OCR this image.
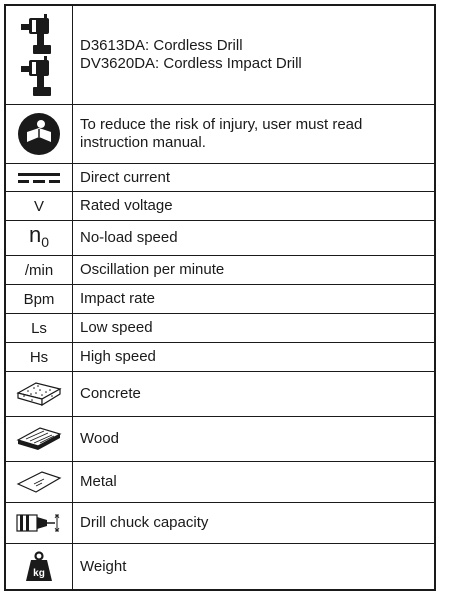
D3613DA: Cordless Drill
DV3620DA: Cordless Impact Drill
To reduce the risk of injury, user must read
instruction manual.
Direct current
V Rated voltage
$n_0$ No-load speed
/min Oscillation per minute
Bpm Impact rate
Ls Low speed
Hs High speed
Concrete
Wood
Metal
Drill chuck capacity
kg Weight
